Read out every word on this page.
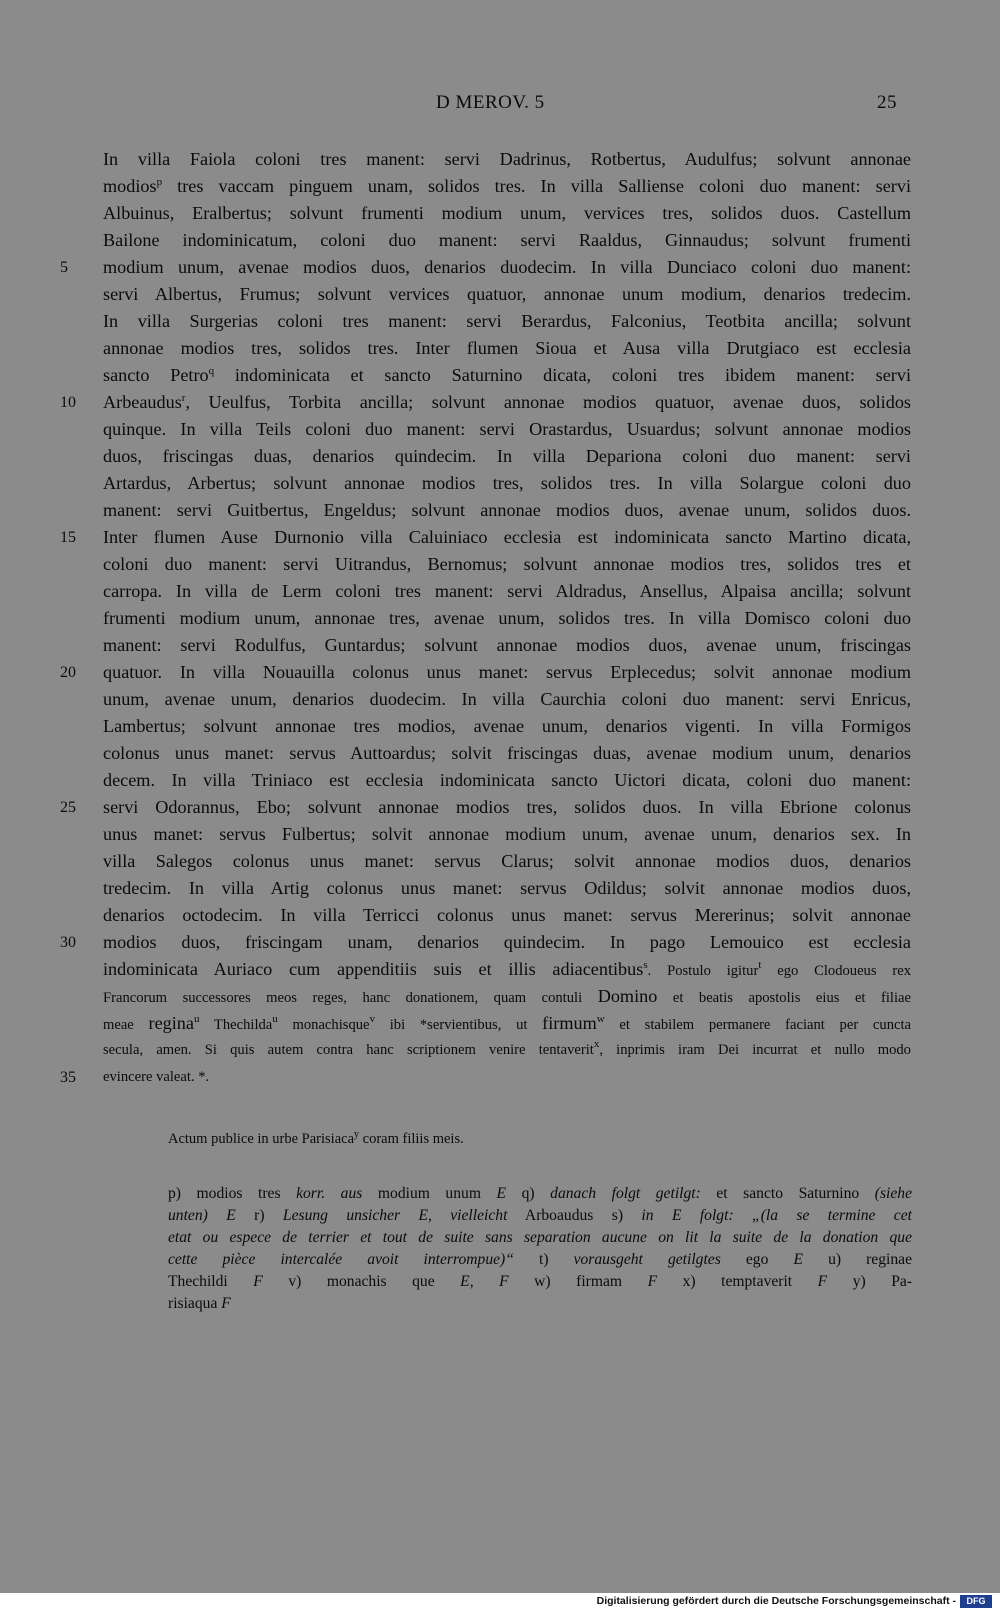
D MEROV. 5	25
In villa Faiola coloni tres manent: servi Dadrinus, Rotbertus, Audulfus; solvunt annonae
modios$^p$ tres vaccam pinguem unam, solidos tres. In villa Salliense coloni duo manent: servi
Albuinus, Eralbertus; solvunt frumenti modium unum, vervices tres, solidos duos. Castellum
Bailone indominicatum, coloni duo manent: servi Raaldus, Ginnaudus; solvunt frumenti
modium unum, avenae modios duos, denarios duodecim. In villa Dunciaco coloni duo manent:
servi Albertus, Frumus; solvunt vervices quatuor, annonae unum modium, denarios tredecim.
In villa Surgerias coloni tres manent: servi Berardus, Falconius, Teotbita ancilla; solvunt
annonae modios tres, solidos tres. Inter flumen Sioua et Ausa villa Drutgiaco est ecclesia
sancto Petro$^q$ indominicata et sancto Saturnino dicata, coloni tres ibidem manent: servi
Arbeaudus$^r$, Ueulfus, Torbita ancilla; solvunt annonae modios quatuor, avenae duos, solidos
quinque. In villa Teils coloni duo manent: servi Orastardus, Usuardus; solvunt annonae modios
duos, friscingas duas, denarios quindecim. In villa Depariona coloni duo manent: servi
Artardus, Arbertus; solvunt annonae modios tres, solidos tres. In villa Solargue coloni duo
manent: servi Guitbertus, Engeldus; solvunt annonae modios duos, avenae unum, solidos duos.
Inter flumen Ause Durnonio villa Caluiniaco ecclesia est indominicata sancto Martino dicata,
coloni duo manent: servi Uitrandus, Bernomus; solvunt annonae modios tres, solidos tres et
carropa. In villa de Lerm coloni tres manent: servi Aldradus, Ansellus, Alpaisa ancilla; solvunt
frumenti modium unum, annonae tres, avenae unum, solidos tres. In villa Domisco coloni duo
manent: servi Rodulfus, Guntardus; solvunt annonae modios duos, avenae unum, friscingas
quatuor. In villa Nouauilla colonus unus manet: servus Erplecedus; solvit annonae modium
unum, avenae unum, denarios duodecim. In villa Caurchia coloni duo manent: servi Enricus,
Lambertus; solvunt annonae tres modios, avenae unum, denarios vigenti. In villa Formigos
colonus unus manet: servus Auttoardus; solvit friscingas duas, avenae modium unum, denarios
decem. In villa Triniaco est ecclesia indominicata sancto Uictori dicata, coloni duo manent:
servi Odorannus, Ebo; solvunt annonae modios tres, solidos duos. In villa Ebrione colonus
unus manet: servus Fulbertus; solvit annonae modium unum, avenae unum, denarios sex. In
villa Salegos colonus unus manet: servus Clarus; solvit annonae modios duos, denarios
tredecim. In villa Artig colonus unus manet: servus Odildus; solvit annonae modios duos,
denarios octodecim. In villa Terricci colonus unus manet: servus Mererinus; solvit annonae
modios duos, friscingam unam, denarios quindecim. In pago Lemouico est ecclesia
indominicata Auriaco cum appenditiis suis et illis adiacentibus$^s$. Postulo igitur$^t$ ego Clodoueus rex
Francorum successores meos reges, hanc donationem, quam contuli Domino et beatis apostolis eius et filiae
meae regina$^u$ Thechilda$^u$ monachisque$^v$ ibi *servientibus, ut firmum$^w$ et stabilem permanere faciant per cuncta
secula, amen. Si quis autem contra hanc scriptionem venire tentaverit$^x$, inprimis iram Dei incurrat et nullo modo
evincere valeat. *.
5
10
15
20
25
30
35
Actum publice in urbe Parisiaca$^y$ coram filiis meis.
p) modios tres korr. aus modium unum E q) danach folgt getilgt: et sancto Saturnino (siehe
unten) E r) Lesung unsicher E, vielleicht Arboaudus s) in E folgt: „(la se termine cet
etat ou espece de terrier et tout de suite sans separation aucune on lit la suite de la donation que
cette pièce intercalée avoit interrompue)“ t) vorausgeht getilgtes ego E u) reginae
Thechildi F v) monachis que E, F w) firmam F x) temptaverit F y) Pa-
risiaqua F
Digitalisierung gefördert durch die Deutsche Forschungsgemeinschaft -	DFG
